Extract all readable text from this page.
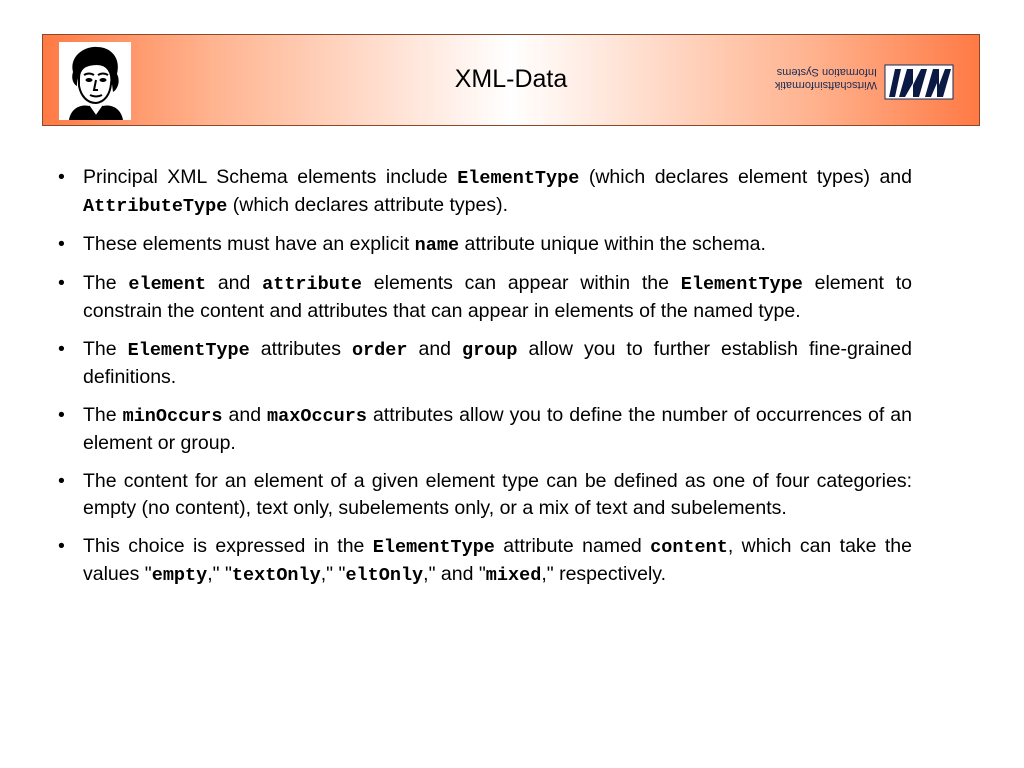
XML-Data	Wirtschaftsinformatik
Information Systems
• Principal XML Schema elements include ElementType (which declares element types) and AttributeType (which declares attribute types).
• These elements must have an explicit name attribute unique within the schema.
• The element and attribute elements can appear within the ElementType element to constrain the content and attributes that can appear in elements of the named type.
• The ElementType attributes order and group allow you to further establish fine-grained definitions.
• The minOccurs and maxOccurs attributes allow you to define the number of occurrences of an element or group.
• The content for an element of a given element type can be defined as one of four categories: empty (no content), text only, subelements only, or a mix of text and subelements.
• This choice is expressed in the ElementType attribute named content, which can take the values "empty," "textOnly," "eltOnly," and "mixed," respectively.
